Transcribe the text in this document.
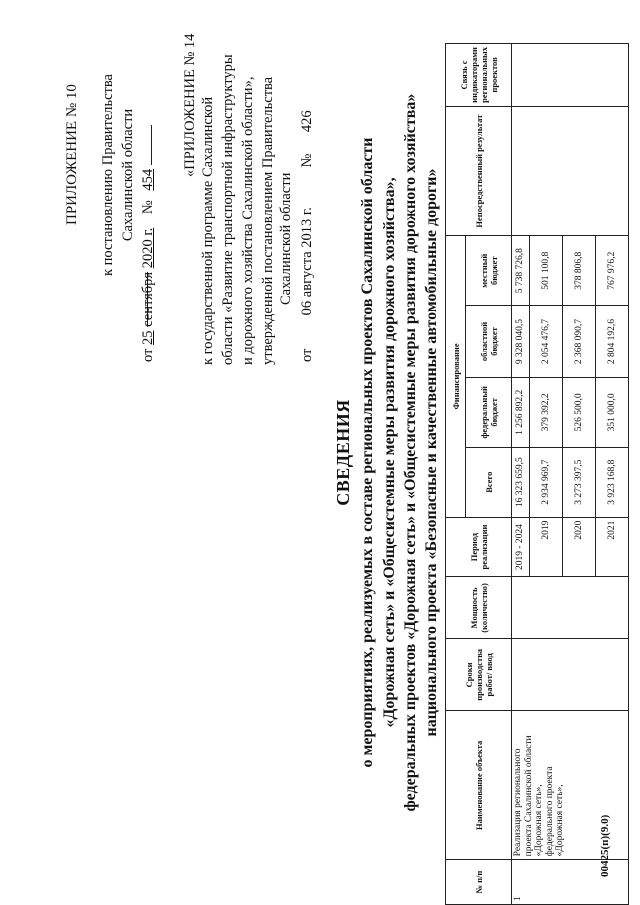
ПРИЛОЖЕНИЕ № 10 к постановлению Правительства Сахалинской области
от 25 сентября 2020 г. № 454
«ПРИЛОЖЕНИЕ № 14 к государственной программе Сахалинской области «Развитие транспортной инфраструктуры и дорожного хозяйства Сахалинской области», утвержденной постановлением Правительства Сахалинской области
от  06 августа 2013 г. № 426
СВЕДЕНИЯ о мероприятиях, реализуемых в составе региональных проектов Сахалинской области «Дорожная сеть» и «Общесистемные меры развития дорожного хозяйства», федеральных проектов «Дорожная сеть» и «Общесистемные меры развития дорожного хозяйства» национального проекта «Безопасные и качественные автомобильные дороги»
№ п/п	Наименование объекта	Сроки производства работ/ ввод	Мощность (количество)	Период реализации	Финансирование				Непосредственный результат	Связь с индикаторами региональных проектов
					Всего	федеральный бюджет	областной бюджет	местный бюджет		
1	Реализация регионального проекта Сахалинской области «Дорожная сеть», федерального проекта «Дорожная сеть»,			2019 - 2024	16 323 659,5	1 256 892,2	9 328 040,5	5 738 726,8		
				2019	2 934 969,7	379 392,2	2 054 476,7	501 100,8		
				2020	3 273 397,5	526 500,0	2 368 090,7	378 806,8		
				2021	3 923 168,8	351 000,0	2 804 192,6	767 976,2		
00425(п)(9.0)
